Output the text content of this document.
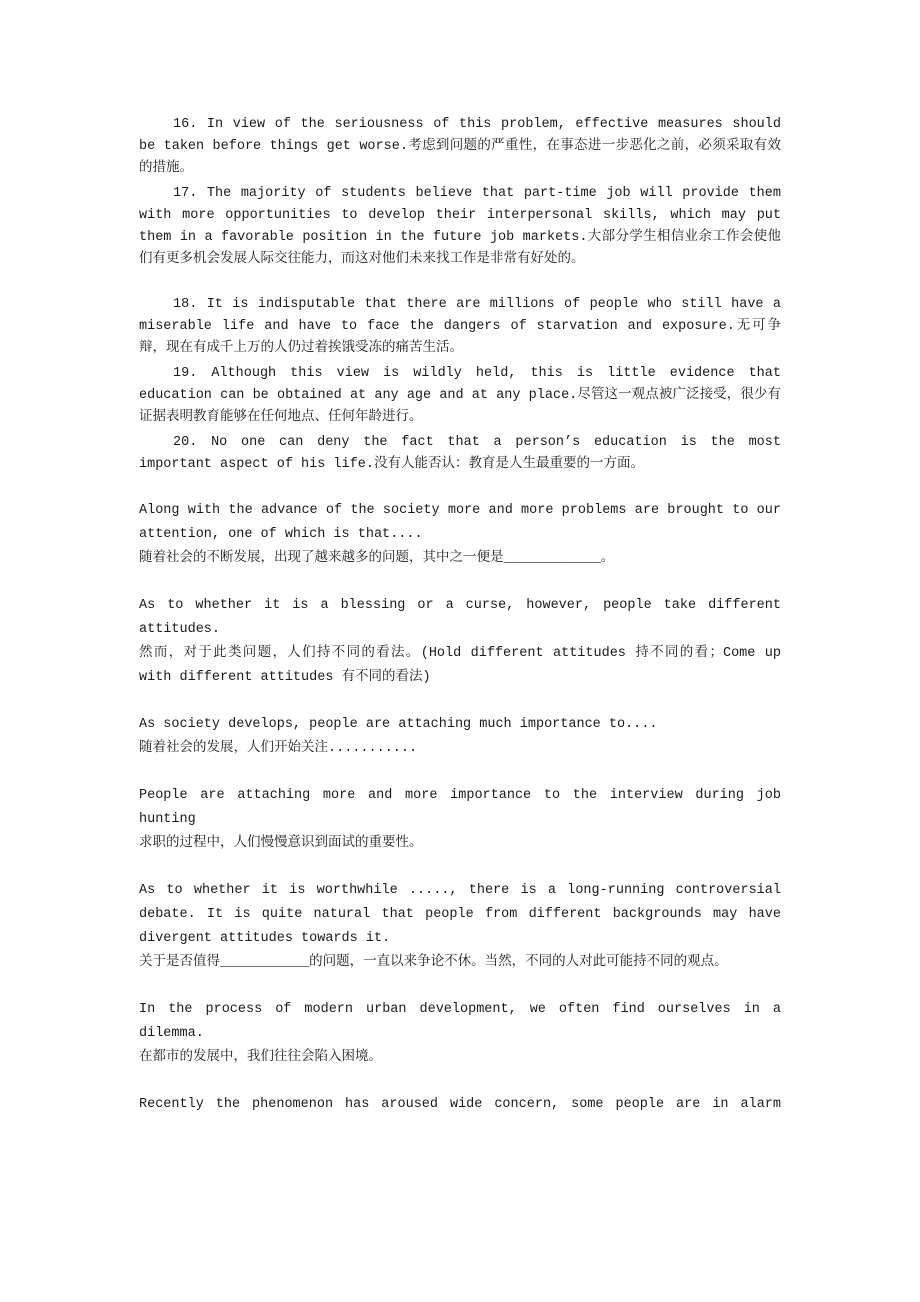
16. In view of the seriousness of this problem, effective measures should be taken before things get worse.考虑到问题的严重性，在事态进一步恶化之前，必须采取有效的措施。

17. The majority of students believe that part-time job will provide them with more opportunities to develop their interpersonal skills, which may put them in a favorable position in the future job markets.大部分学生相信业余工作会使他们有更多机会发展人际交往能力，而这对他们未来找工作是非常有好处的。

18. It is indisputable that there are millions of people who still have a miserable life and have to face the dangers of starvation and exposure.无可争辩，现在有成千上万的人仍过着挨饿受冻的痛苦生活。

19. Although this view is wildly held, this is little evidence that education can be obtained at any age and at any place.尽管这一观点被广泛接受，很少有证据表明教育能够在任何地点、任何年龄进行。

20. No one can deny the fact that a person’s education is the most important aspect of his life.没有人能否认：教育是人生最重要的一方面。

Along with the advance of the society more and more problems are brought to our attention, one of which is that....

随着社会的不断发展，出现了越来越多的问题，其中之一便是____________。

As to whether it is a blessing or a curse, however, people take different attitudes.

然而，对于此类问题，人们持不同的看法。(Hold different attitudes 持不同的看；Come up with different attitudes 有不同的看法)

As society develops, people are attaching much importance to....

随着社会的发展，人们开始关注...........

People are attaching more and more importance to the interview during job hunting

求职的过程中，人们慢慢意识到面试的重要性。

As to whether it is worthwhile ....., there is a long-running controversial debate. It is quite natural that people from different backgrounds may have divergent attitudes towards it.

关于是否值得___________的问题，一直以来争论不休。当然，不同的人对此可能持不同的观点。

In the process of modern urban development, we often find ourselves in a dilemma.

在都市的发展中，我们往往会陷入困境。

Recently the phenomenon has aroused wide concern, some people are in alarm
